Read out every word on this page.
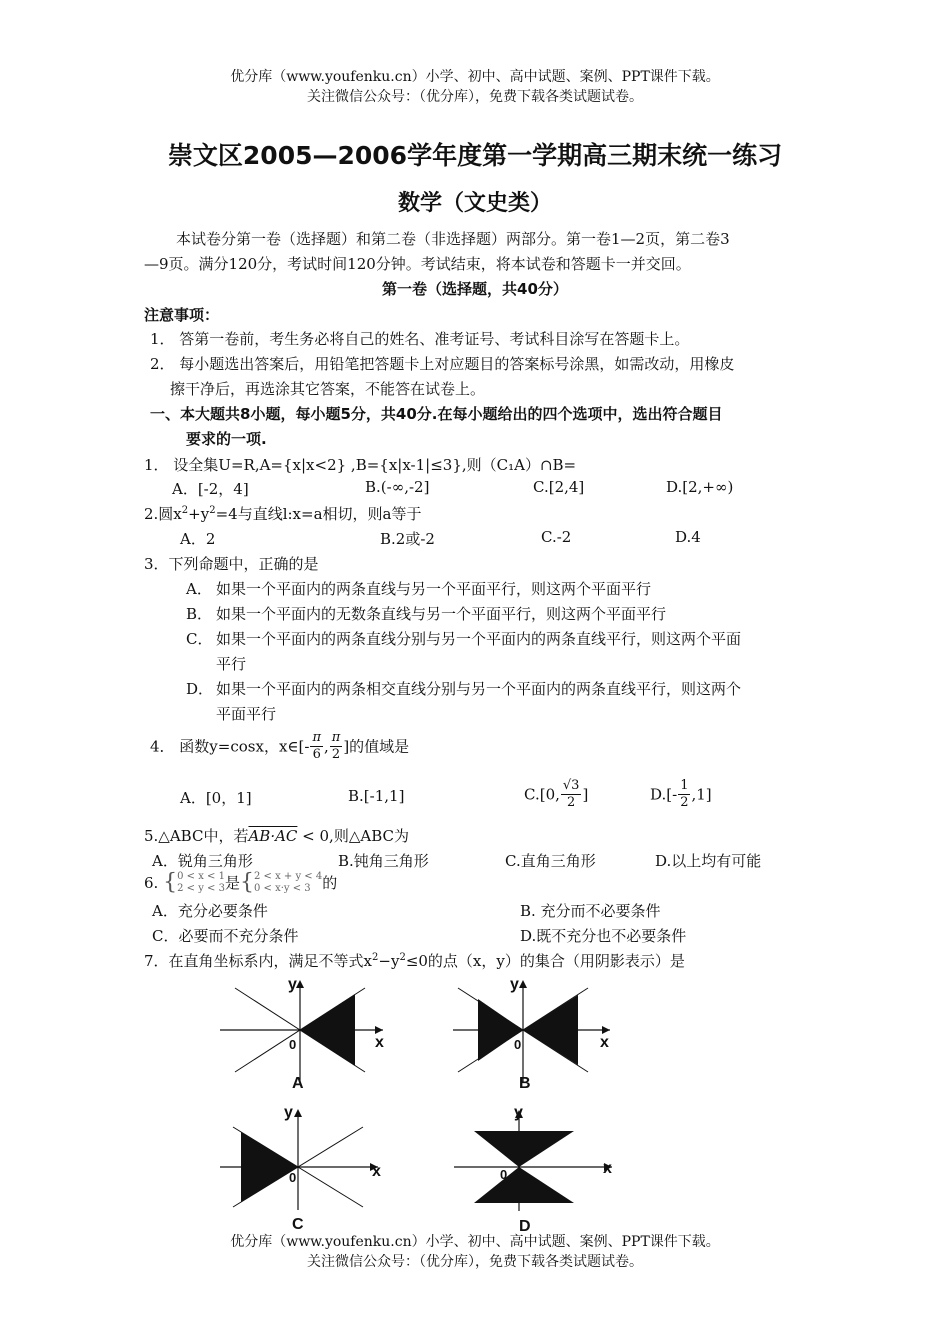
优分库（www.youfenku.cn）小学、初中、高中试题、案例、PPT课件下载。
关注微信公众号：（优分库），免费下载各类试题试卷。
崇文区2005—2006学年度第一学期高三期末统一练习
数学（文史类）
本试卷分第一卷（选择题）和第二卷（非选择题）两部分。第一卷1—2页，第二卷3
—9页。满分120分，考试时间120分钟。考试结束，将本试卷和答题卡一并交回。
第一卷（选择题，共40分）
注意事项：
1． 答第一卷前，考生务必将自己的姓名、准考证号、考试科目涂写在答题卡上。
2． 每小题选出答案后，用铅笔把答题卡上对应题目的答案标号涂黑，如需改动，用橡皮
擦干净后，再选涂其它答案，不能答在试卷上。
一、本大题共8小题，每小题5分，共40分.在每小题给出的四个选项中，选出符合题目
要求的一项.
1． 设全集U=R,A={x|x<2} ,B={x|x-1|≤3},则（C₁A）∩B=
A．[-2，4]	B.(-∞,-2]	C.[2,4]	D.[2,+∞)
2.圆$x^2+y^2=4$与直线l:x=a相切，则a等于
A．2	B.2或-2	C.-2	D.4
3．下列命题中，正确的是
A． 如果一个平面内的两条直线与另一个平面平行，则这两个平面平行
B． 如果一个平面内的无数条直线与另一个平面平行，则这两个平面平行
C． 如果一个平面内的两条直线分别与另一个平面内的两条直线平行，则这两个平面
平行
D． 如果一个平面内的两条相交直线分别与另一个平面内的两条直线平行，则这两个
平面平行
4． 函数y=cosx，x∈[- $\frac{\pi}{6}$ , $\frac{\pi}{2}$ ]的值域是
A．[0，1]	B.[-1,1]	C.[0, $\frac{√3}{2}$ ]	$D.[- \frac{1}{2} ,1]$
5.△ABC中，若AB·AC < 0,则△ABC为
A．锐角三角形	B.钝角三角形	C.直角三角形	D.以上均有可能
6. { 0 < x < 1
2 < y < 3 是{ 2 < x + y < 4
0 < x·y < 3 的
A．充分必要条件	B. 充分而不必要条件
C．必要而不充分条件	D.既不充分也不必要条件
7．在直角坐标系内，满足不等式$x^2-y^2\le 0$的点（x，y）的集合（用阴影表示）是
y
x
0
A
y
x
0
B
y
x
0
C
y
x
0
D
优分库（www.youfenku.cn）小学、初中、高中试题、案例、PPT课件下载。
关注微信公众号：（优分库），免费下载各类试题试卷。
